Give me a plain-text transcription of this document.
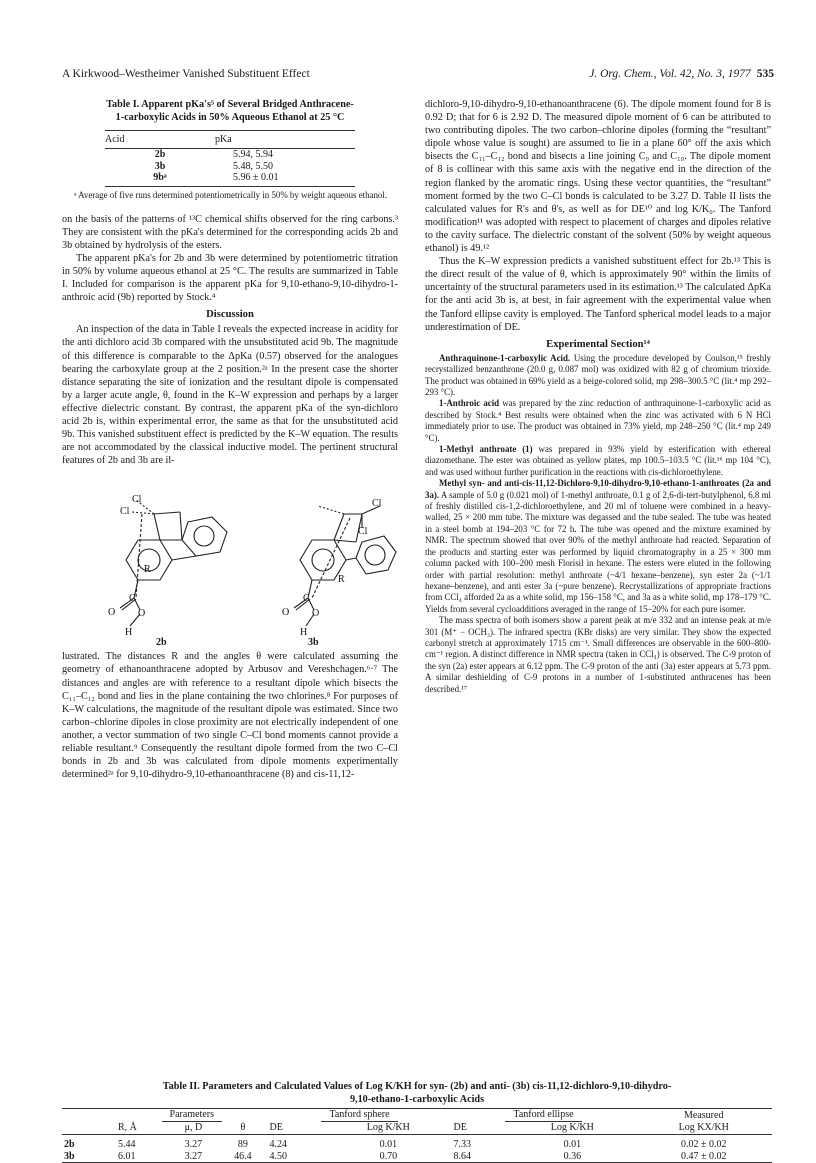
A Kirkwood–Westheimer Vanished Substituent Effect	J. Org. Chem., Vol. 42, No. 3, 1977 535
Table I. Apparent pKa's⁵ of Several Bridged Anthracene-
1-carboxylic Acids in 50% Aqueous Ethanol at 25 °C
Acid	pKa
2b	5.94, 5.94
3b	5.48, 5.50
9bᵃ	5.96 ± 0.01
ᵃ Average of five runs determined potentiometrically in 50% by weight aqueous ethanol.

on the basis of the patterns of ¹³C chemical shifts observed for the ring carbons.³ They are consistent with the pKa's determined for the corresponding acids 2b and 3b obtained by hydrolysis of the esters.

The apparent pKa's for 2b and 3b were determined by potentiometric titration in 50% by volume aqueous ethanol at 25 °C. The results are summarized in Table I. Included for comparison is the apparent pKa for 9,10-ethano-9,10-dihydro-1-anthroic acid (9b) reported by Stock.⁴

Discussion

An inspection of the data in Table I reveals the expected increase in acidity for the anti dichloro acid 3b compared with the unsubstituted acid 9b. The magnitude of this difference is comparable to the ΔpKa (0.57) observed for the analogues bearing the carboxylate group at the 2 position.²ᵃ In the present case the shorter distance separating the site of ionization and the resultant dipole is compensated by a larger acute angle, θ, found in the K–W expression and perhaps by a larger effective dielectric constant. By contrast, the apparent pKa of the syn-dichloro acid 2b is, within experimental error, the same as that for the unsubstituted acid 9b. This vanished substituent effect is predicted by the K–W equation. The results are not accommodated by the classical inductive model. The pertinent structural features of 2b and 3b are il-

Cl
Cl
R
C
O O
H
Cl
Cl
R
C
O O
H
2b	3b

lustrated. The distances R and the angles θ were calculated assuming the geometry of ethanoanthracene adopted by Arbusov and Vereshchagen.⁶·⁷ The distances and angles are with reference to a resultant dipole which bisects the C₁₁–C₁₂ bond and lies in the plane containing the two chlorines.⁸ For purposes of K–W calculations, the magnitude of the resultant dipole was estimated. Since two carbon–chlorine dipoles in close proximity are not electrically independent of one another, a vector summation of two single C–Cl bond moments cannot provide a reliable resultant.⁹ Consequently the resultant dipole formed from the two C–Cl bonds in 2b and 3b was calculated from dipole moments experimentally determined²ᵃ for 9,10-dihydro-9,10-ethanoanthracene (8) and cis-11,12-

dichloro-9,10-dihydro-9,10-ethanoanthracene (6). The dipole moment found for 8 is 0.92 D; that for 6 is 2.92 D. The measured dipole moment of 6 can be attributed to two contributing dipoles. The two carbon–chlorine dipoles (forming the “resultant” dipole whose value is sought) are assumed to lie in a plane 60° off the axis which bisects the C₁₁–C₁₂ bond and bisects a line joining C₉ and C₁₀. The dipole moment of 8 is collinear with this same axis with the negative end in the direction of the region flanked by the aromatic rings. Using these vector quantities, the “resultant” moment formed by the two C–Cl bonds is calculated to be 3.27 D. Table II lists the calculated values for R's and θ's, as well as for DE¹⁰ and log K/K₀. The Tanford modification¹¹ was adopted with respect to placement of charges and dipoles relative to the cavity surface. The dielectric constant of the solvent (50% by weight aqueous ethanol) is 49.¹²

Thus the K–W expression predicts a vanished substituent effect for 2b.¹³ This is the direct result of the value of θ, which is approximately 90° within the limits of uncertainty of the structural parameters used in its estimation.¹³ The calculated ΔpKa for the anti acid 3b is, at best, in fair agreement with the experimental value when the Tanford ellipse cavity is employed. The Tanford spherical model leads to a major underestimation of DE.

Experimental Section¹⁴

Anthraquinone-1-carboxylic Acid. Using the procedure developed by Coulson,¹⁵ freshly recrystallized benzanthrone (20.0 g, 0.087 mol) was oxidized with 82 g of chromium trioxide. The product was obtained in 69% yield as a beige-colored solid, mp 298–300.5 °C (lit.⁴ mp 292–293 °C).

1-Anthroic acid was prepared by the zinc reduction of anthraquinone-1-carboxylic acid as described by Stock.⁴ Best results were obtained when the zinc was activated with 6 N HCl immediately prior to use. The product was obtained in 73% yield, mp 248–250 °C (lit.⁴ mp 249 °C).

1-Methyl anthroate (1) was prepared in 93% yield by esterification with ethereal diazomethane. The ester was obtained as yellow plates, mp 100.5–103.5 °C (lit.¹⁶ mp 104 °C), and was used without further purification in the reactions with cis-dichloroethylene.

Methyl syn- and anti-cis-11,12-Dichloro-9,10-dihydro-9,10-ethano-1-anthroates (2a and 3a). A sample of 5.0 g (0.021 mol) of 1-methyl anthroate, 0.1 g of 2,6-di-tert-butylphenol, 6.8 ml of freshly distilled cis-1,2-dichloroethylene, and 20 ml of toluene were combined in a heavy-walled, 25 × 200 mm tube. The mixture was degassed and the tube sealed. The tube was heated in a steel bomb at 194–203 °C for 72 h. The tube was opened and the mixture examined by NMR. The spectrum showed that over 90% of the methyl anthroate had reacted. Separation of the products and starting ester was performed by liquid chromatography in a 25 × 300 mm column packed with 100–200 mesh Florisil in hexane. The esters were eluted in the following order with partial resolution: methyl anthroate (~4/1 hexane–benzene), syn ester 2a (~1/1 hexane–benzene), and anti ester 3a (~pure benzene). Recrystallizations of appropriate fractions from CCl₄ afforded 2a as a white solid, mp 156–158 °C, and 3a as a white solid, mp 178–179 °C. Yields from several cycloadditions averaged in the range of 15–20% for each pure isomer.

The mass spectra of both isomers show a parent peak at m/e 332 and an intense peak at m/e 301 (M⁺ − OCH₃). The infrared spectra (KBr disks) are very similar. They show the expected carbonyl stretch at approximately 1715 cm⁻¹. Small differences are observable in the 600–800-cm⁻¹ region. A distinct difference in NMR spectra (taken in CCl₄) is observed. The C-9 proton of the syn (2a) ester appears at 6.12 ppm. The C-9 proton of the anti (3a) ester appears at 5.73 ppm. A similar deshielding of C-9 protons in a number of 1-substituted anthracenes has been described.¹⁷

Table II. Parameters and Calculated Values of Log K/KH for syn- (2b) and anti- (3b) cis-11,12-dichloro-9,10-dihydro-
9,10-ethano-1-carboxylic Acids
	Parameters			Tanford sphere		Tanford ellipse		Measured
	R, Å	μ, D	θ	DE	Log K/KH	DE	Log K/KH	Log KX/KH
2b	5.44	3.27	89	4.24	0.01	7.33	0.01	0.02 ± 0.02
3b	6.01	3.27	46.4	4.50	0.70	8.64	0.36	0.47 ± 0.02
